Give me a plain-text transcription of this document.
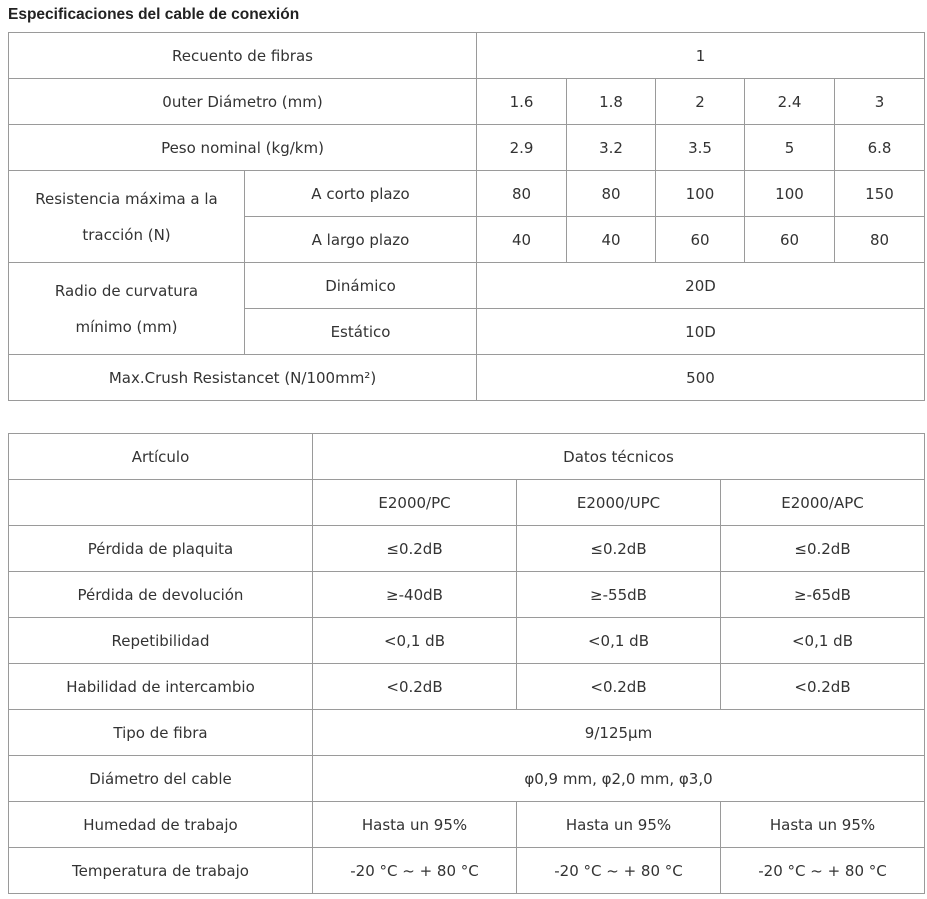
Especificaciones del cable de conexión
Recuento de fibras		1				
0uter Diámetro (mm)		1.6	1.8	2	2.4	3
Peso nominal (kg/km)		2.9	3.2	3.5	5	6.8
Resistencia máxima a la tracción (N)	A corto plazo	80	80	100	100	150
	A largo plazo	40	40	60	60	80
Radio de curvatura mínimo (mm)	Dinámico	20D				
	Estático	10D				
Max.Crush Resistancet (N/100mm²)		500				
Artículo	Datos técnicos		
	E2000/PC	E2000/UPC	E2000/APC
Pérdida de plaquita	≤0.2dB	≤0.2dB	≤0.2dB
Pérdida de devolución	≥-40dB	≥-55dB	≥-65dB
Repetibilidad	<0,1 dB	<0,1 dB	<0,1 dB
Habilidad de intercambio	<0.2dB	<0.2dB	<0.2dB
Tipo de fibra	9/125μm		
Diámetro del cable	φ0,9 mm, φ2,0 mm, φ3,0		
Humedad de trabajo	Hasta un 95%	Hasta un 95%	Hasta un 95%
Temperatura de trabajo	-20 °C ~ + 80 °C	-20 °C ~ + 80 °C	-20 °C ~ + 80 °C
